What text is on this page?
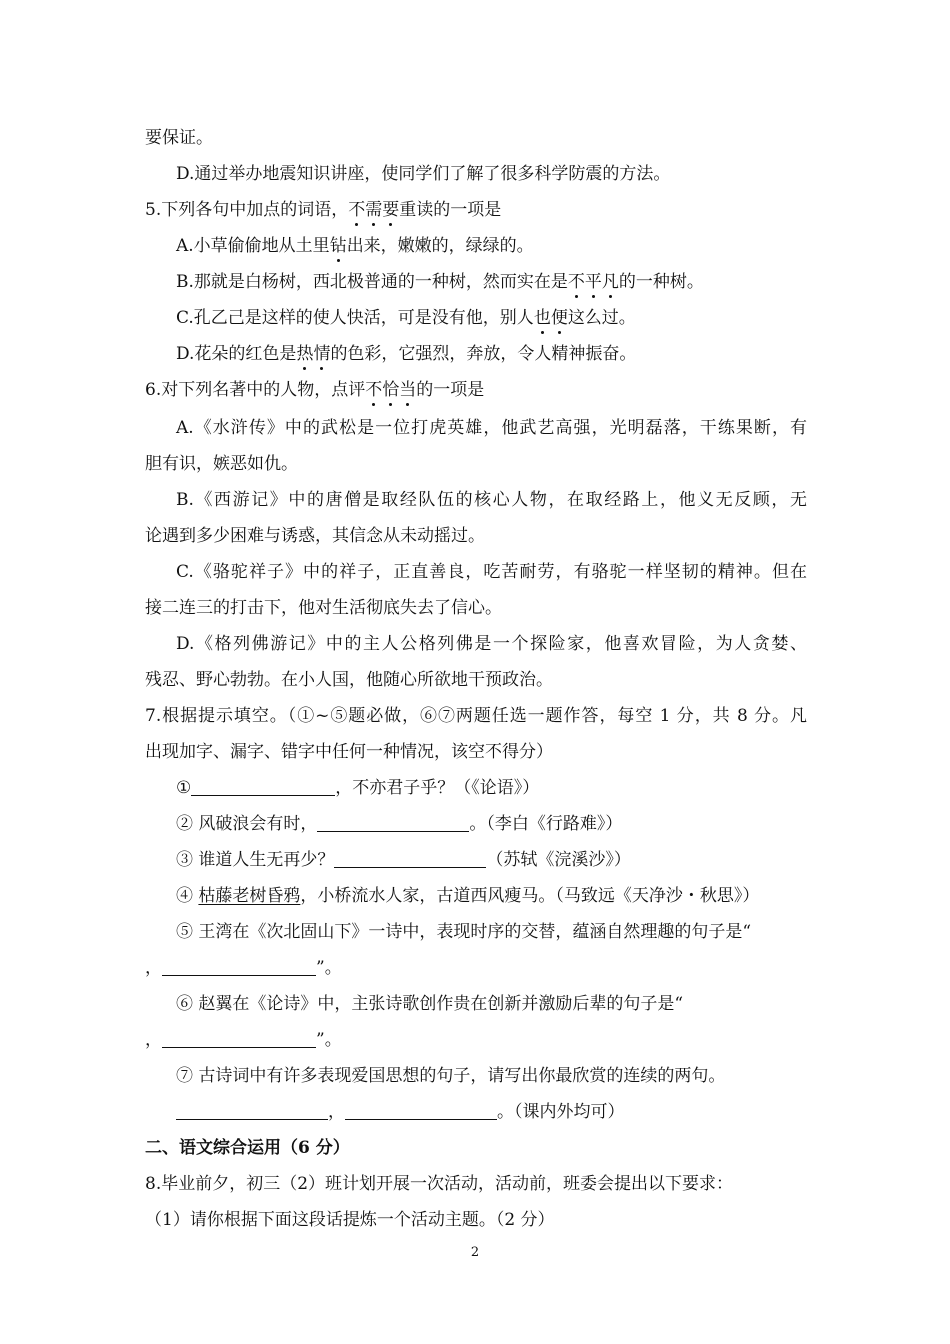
要保证。
D.通过举办地震知识讲座，使同学们了解了很多科学防震的方法。
5.下列各句中加点的词语，不需要重读的一项是
A.小草偷偷地从土里钻出来，嫩嫩的，绿绿的。
B.那就是白杨树，西北极普通的一种树，然而实在是不平凡的一种树。
C.孔乙己是这样的使人快活，可是没有他，别人也便这么过。
D.花朵的红色是热情的色彩，它强烈，奔放，令人精神振奋。
6.对下列名著中的人物，点评不恰当的一项是
A.《水浒传》中的武松是一位打虎英雄，他武艺高强，光明磊落，干练果断，有
胆有识，嫉恶如仇。
B.《西游记》中的唐僧是取经队伍的核心人物，在取经路上，他义无反顾，无
论遇到多少困难与诱惑，其信念从未动摇过。
C.《骆驼祥子》中的祥子，正直善良，吃苦耐劳，有骆驼一样坚韧的精神。但在
接二连三的打击下，他对生活彻底失去了信心。
D.《格列佛游记》中的主人公格列佛是一个探险家，他喜欢冒险，为人贪婪、
残忍、野心勃勃。在小人国，他随心所欲地干预政治。
7.根据提示填空。（①~⑤题必做，⑥⑦两题任选一题作答，每空 1 分，共 8 分。凡
出现加字、漏字、错字中任何一种情况，该空不得分）
①	，不亦君子乎？（《论语》）
② 风破浪会有时，	。（李白《行路难》）
③ 谁道人生无再少？	（苏轼《浣溪沙》）
④ 枯藤老树昏鸦，小桥流水人家，古道西风瘦马。（马致远《天净沙・秋思》）
⑤ 王湾在《次北固山下》一诗中，表现时序的交替，蕴涵自然理趣的句子是“
，	”。
⑥ 赵翼在《论诗》中，主张诗歌创作贵在创新并激励后辈的句子是“
，	”。
⑦ 古诗词中有许多表现爱国思想的句子，请写出你最欣赏的连续的两句。
，	。（课内外均可）
二、语文综合运用（6 分）
8.毕业前夕，初三（2）班计划开展一次活动，活动前，班委会提出以下要求：
（1）请你根据下面这段话提炼一个活动主题。（2 分）
2
